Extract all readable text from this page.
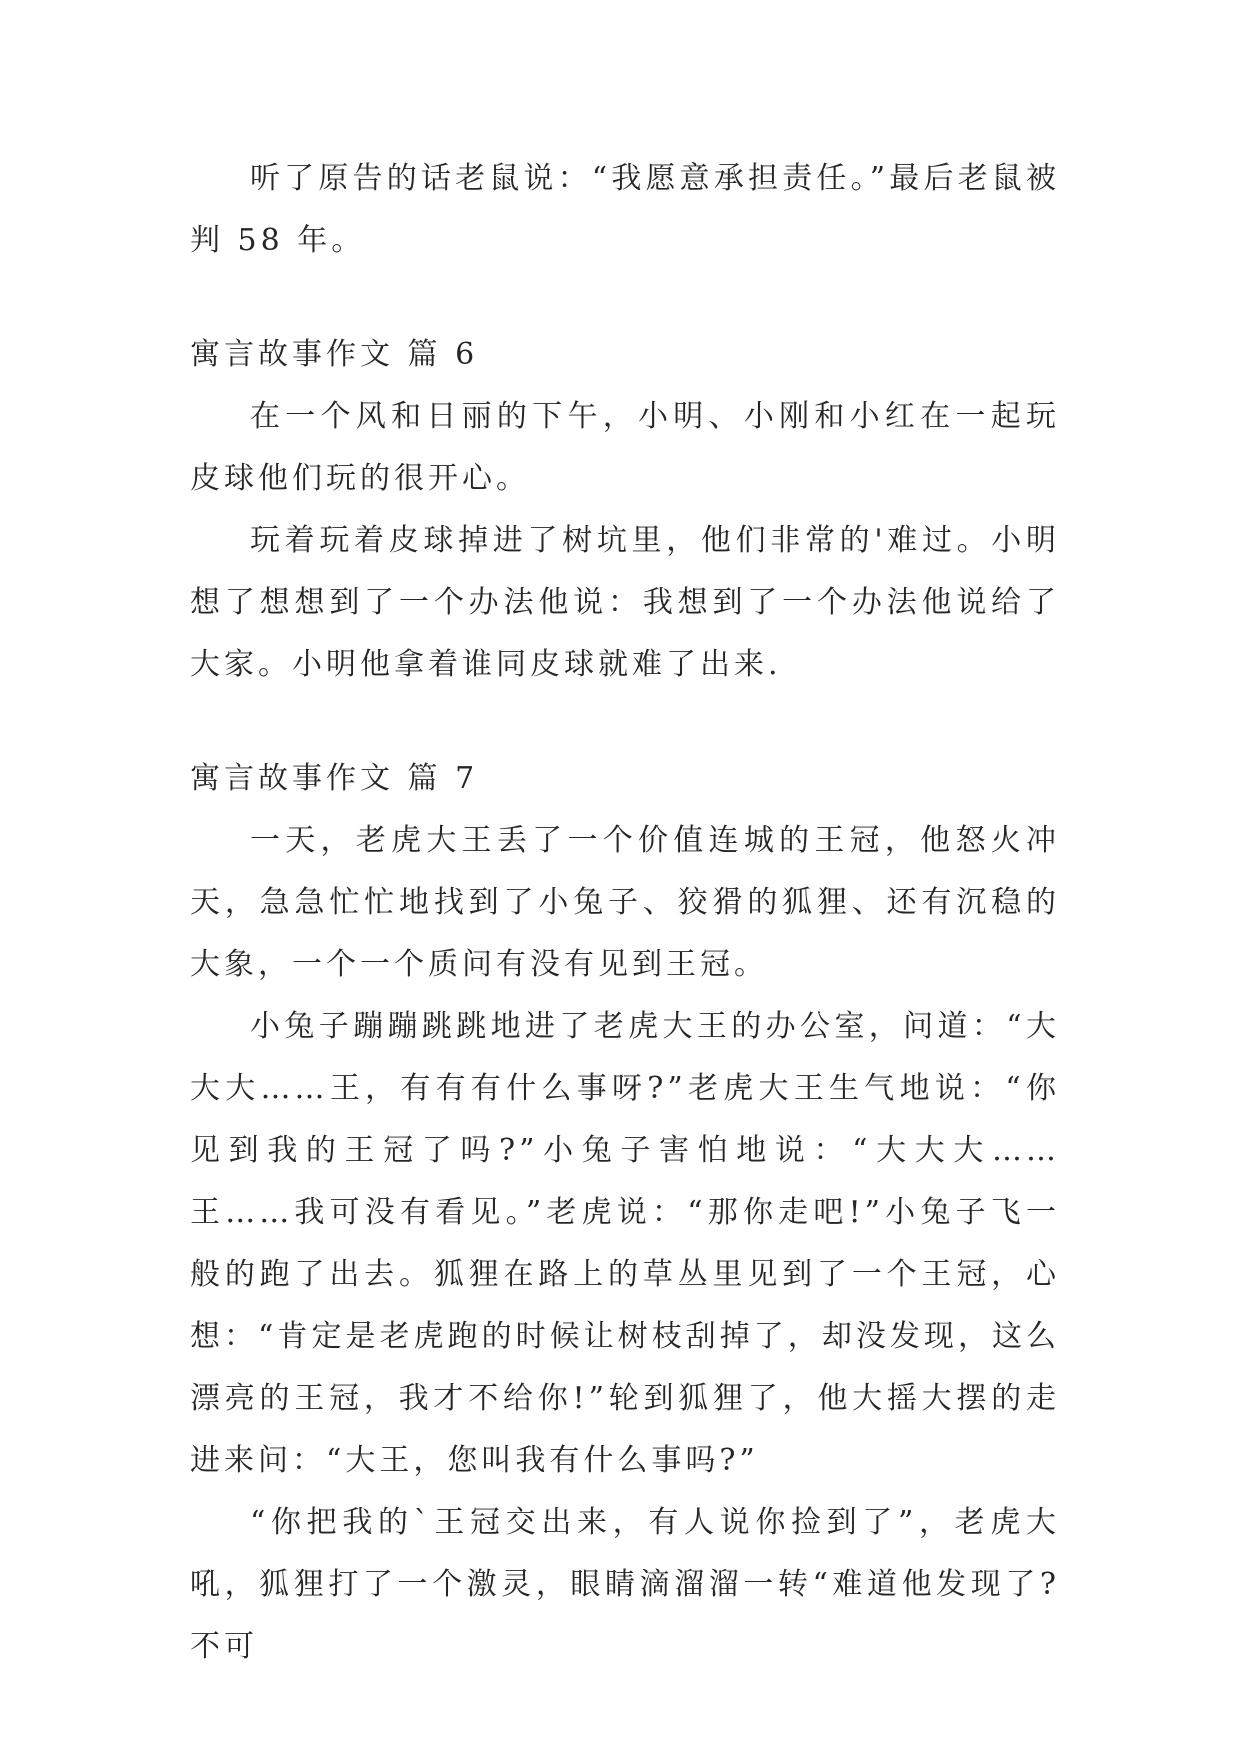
听了原告的话老鼠说：“我愿意承担责任。”最后老鼠被判 58 年。

寓言故事作文 篇 6

在一个风和日丽的下午，小明、小刚和小红在一起玩皮球他们玩的很开心。

玩着玩着皮球掉进了树坑里，他们非常的'难过。小明想了想想到了一个办法他说：我想到了一个办法他说给了大家。小明他拿着谁同皮球就难了出来.

寓言故事作文 篇 7

一天，老虎大王丢了一个价值连城的王冠，他怒火冲天，急急忙忙地找到了小兔子、狡猾的狐狸、还有沉稳的大象，一个一个质问有没有见到王冠。

小兔子蹦蹦跳跳地进了老虎大王的办公室，问道：“大大大……王，有有有什么事呀?”老虎大王生气地说：“你见到我的王冠了吗?”小兔子害怕地说：“大大大……王……我可没有看见。”老虎说：“那你走吧!”小兔子飞一般的跑了出去。狐狸在路上的草丛里见到了一个王冠，心想：“肯定是老虎跑的时候让树枝刮掉了，却没发现，这么漂亮的王冠，我才不给你!”轮到狐狸了，他大摇大摆的走进来问：“大王，您叫我有什么事吗?”

“你把我的`王冠交出来，有人说你捡到了”，老虎大吼，狐狸打了一个激灵，眼睛滴溜溜一转“难道他发现了?不可
